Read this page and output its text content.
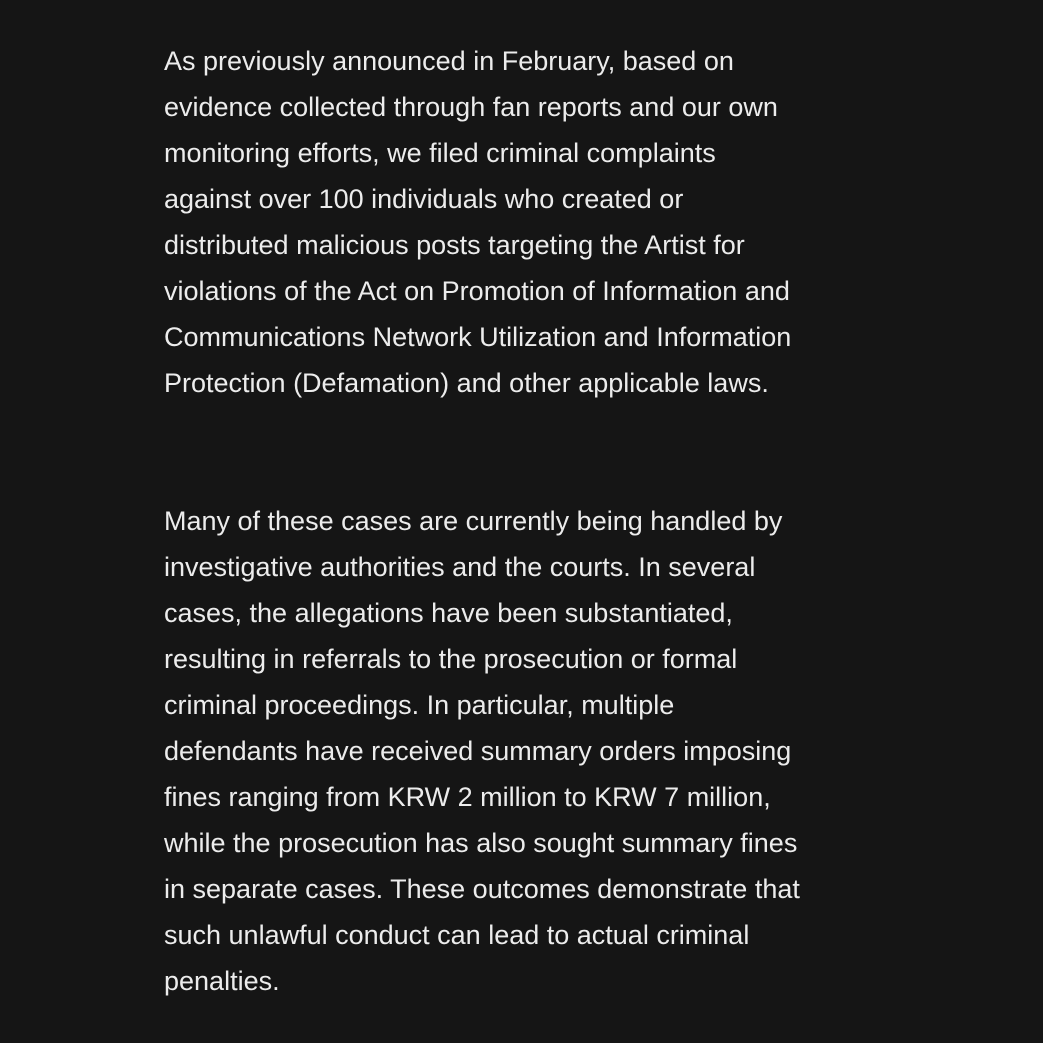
As previously announced in February, based on
evidence collected through fan reports and our own
monitoring efforts, we filed criminal complaints
against over 100 individuals who created or
distributed malicious posts targeting the Artist for
violations of the Act on Promotion of Information and
Communications Network Utilization and Information
Protection (Defamation) and other applicable laws.

Many of these cases are currently being handled by
investigative authorities and the courts. In several
cases, the allegations have been substantiated,
resulting in referrals to the prosecution or formal
criminal proceedings. In particular, multiple
defendants have received summary orders imposing
fines ranging from KRW 2 million to KRW 7 million,
while the prosecution has also sought summary fines
in separate cases. These outcomes demonstrate that
such unlawful conduct can lead to actual criminal
penalties.
